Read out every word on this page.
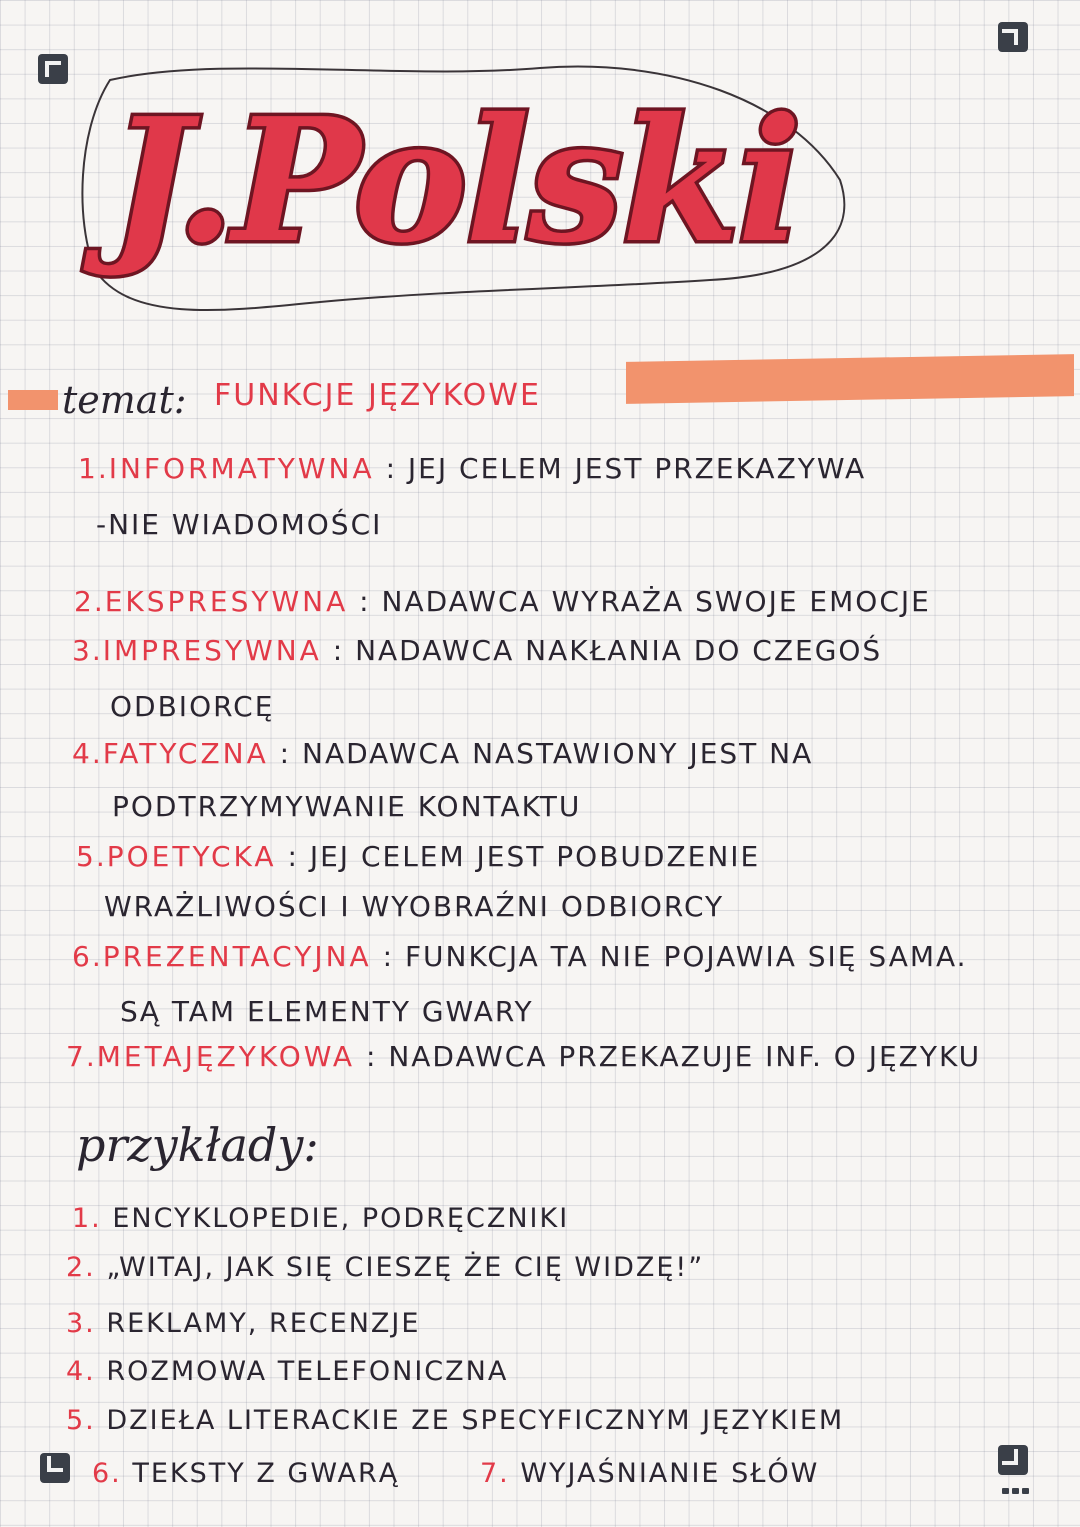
J.Polski
temat: FUNKCJE JĘZYKOWE
1.INFORMATYWNA : JEJ CELEM JEST PRZEKAZYWA
-NIE WIADOMOŚCI
2.EKSPRESYWNA : NADAWCA WYRAŻA SWOJE EMOCJE
3.IMPRESYWNA : NADAWCA NAKŁANIA DO CZEGOŚ
ODBIORCĘ
4.FATYCZNA : NADAWCA NASTAWIONY JEST NA
PODTRZYMYWANIE KONTAKTU
5.POETYCKA : JEJ CELEM JEST POBUDZENIE
WRAŻLIWOŚCI I WYOBRAŹNI ODBIORCY
6.PREZENTACYJNA : FUNKCJA TA NIE POJAWIA SIĘ SAMA.
SĄ TAM ELEMENTY GWARY
7.METAJĘZYKOWA : NADAWCA PRZEKAZUJE INF. O JĘZYKU
przykłady:
1. ENCYKLOPEDIE, PODRĘCZNIKI
2. „WITAJ, JAK SIĘ CIESZĘ ŻE CIĘ WIDZĘ!”
3. REKLAMY, RECENZJE
4. ROZMOWA TELEFONICZNA
5. DZIEŁA LITERACKIE ZE SPECYFICZNYM JĘZYKIEM
6. TEKSTY Z GWARĄ	7. WYJAŚNIANIE SŁÓW
